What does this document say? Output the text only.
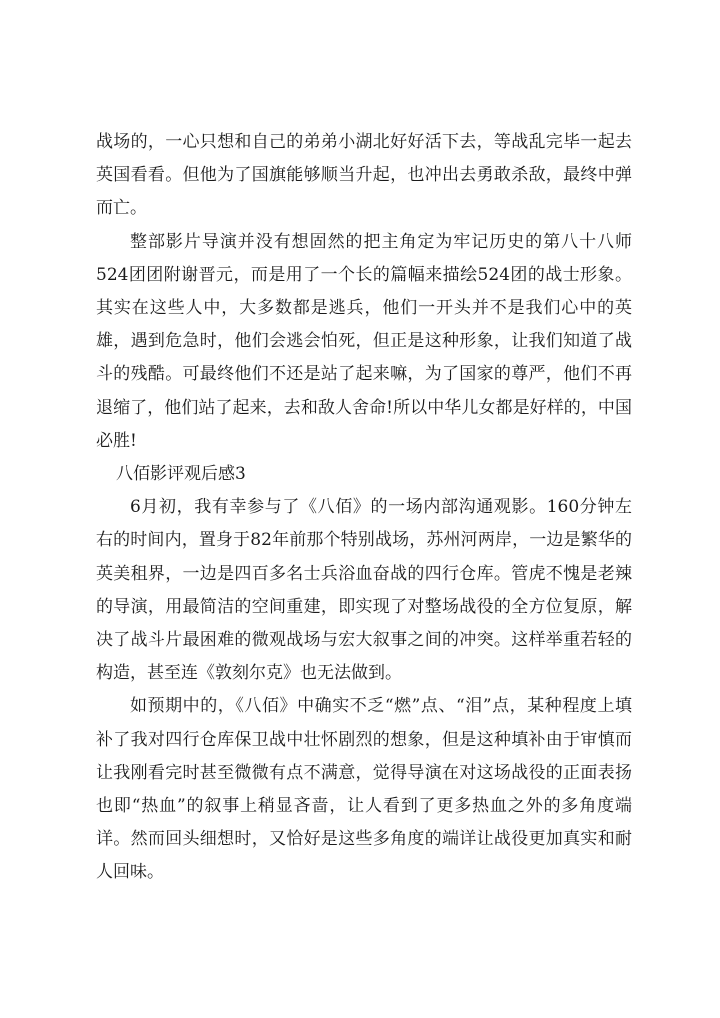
战场的，一心只想和自己的弟弟小湖北好好活下去，等战乱完毕一起去英国看看。但他为了国旗能够顺当升起，也冲出去勇敢杀敌，最终中弹而亡。

整部影片导演并没有想固然的把主角定为牢记历史的第八十八师524团团附谢晋元，而是用了一个长的篇幅来描绘524团的战士形象。其实在这些人中，大多数都是逃兵，他们一开头并不是我们心中的英雄，遇到危急时，他们会逃会怕死，但正是这种形象，让我们知道了战斗的残酷。可最终他们不还是站了起来嘛，为了国家的尊严，他们不再退缩了，他们站了起来，去和敌人舍命!所以中华儿女都是好样的，中国必胜!

八佰影评观后感3

6月初，我有幸参与了《八佰》的一场内部沟通观影。160分钟左右的时间内，置身于82年前那个特别战场，苏州河两岸，一边是繁华的英美租界，一边是四百多名士兵浴血奋战的四行仓库。管虎不愧是老辣的导演，用最简洁的空间重建，即实现了对整场战役的全方位复原，解决了战斗片最困难的微观战场与宏大叙事之间的冲突。这样举重若轻的构造，甚至连《敦刻尔克》也无法做到。

如预期中的，《八佰》中确实不乏“燃”点、“泪”点，某种程度上填补了我对四行仓库保卫战中壮怀剧烈的想象，但是这种填补由于审慎而让我刚看完时甚至微微有点不满意，觉得导演在对这场战役的正面表扬也即“热血”的叙事上稍显吝啬，让人看到了更多热血之外的多角度端详。然而回头细想时，又恰好是这些多角度的端详让战役更加真实和耐人回味。
